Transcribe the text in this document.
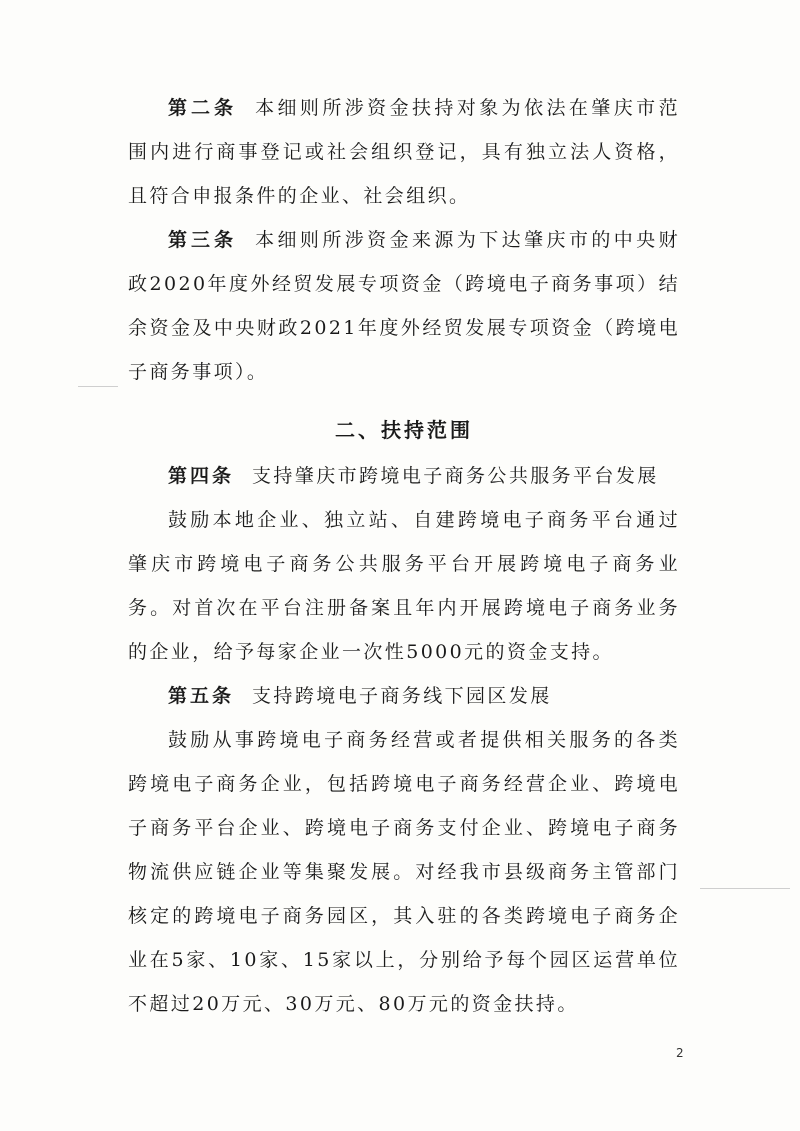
第二条 本细则所涉资金扶持对象为依法在肇庆市范围内进行商事登记或社会组织登记，具有独立法人资格，且符合申报条件的企业、社会组织。

第三条 本细则所涉资金来源为下达肇庆市的中央财政2020年度外经贸发展专项资金（跨境电子商务事项）结余资金及中央财政2021年度外经贸发展专项资金（跨境电子商务事项）。

二、扶持范围

第四条 支持肇庆市跨境电子商务公共服务平台发展

鼓励本地企业、独立站、自建跨境电子商务平台通过肇庆市跨境电子商务公共服务平台开展跨境电子商务业务。对首次在平台注册备案且年内开展跨境电子商务业务的企业，给予每家企业一次性5000元的资金支持。

第五条 支持跨境电子商务线下园区发展

鼓励从事跨境电子商务经营或者提供相关服务的各类跨境电子商务企业，包括跨境电子商务经营企业、跨境电子商务平台企业、跨境电子商务支付企业、跨境电子商务物流供应链企业等集聚发展。对经我市县级商务主管部门核定的跨境电子商务园区，其入驻的各类跨境电子商务企业在5家、10家、15家以上，分别给予每个园区运营单位不超过20万元、30万元、80万元的资金扶持。

2
